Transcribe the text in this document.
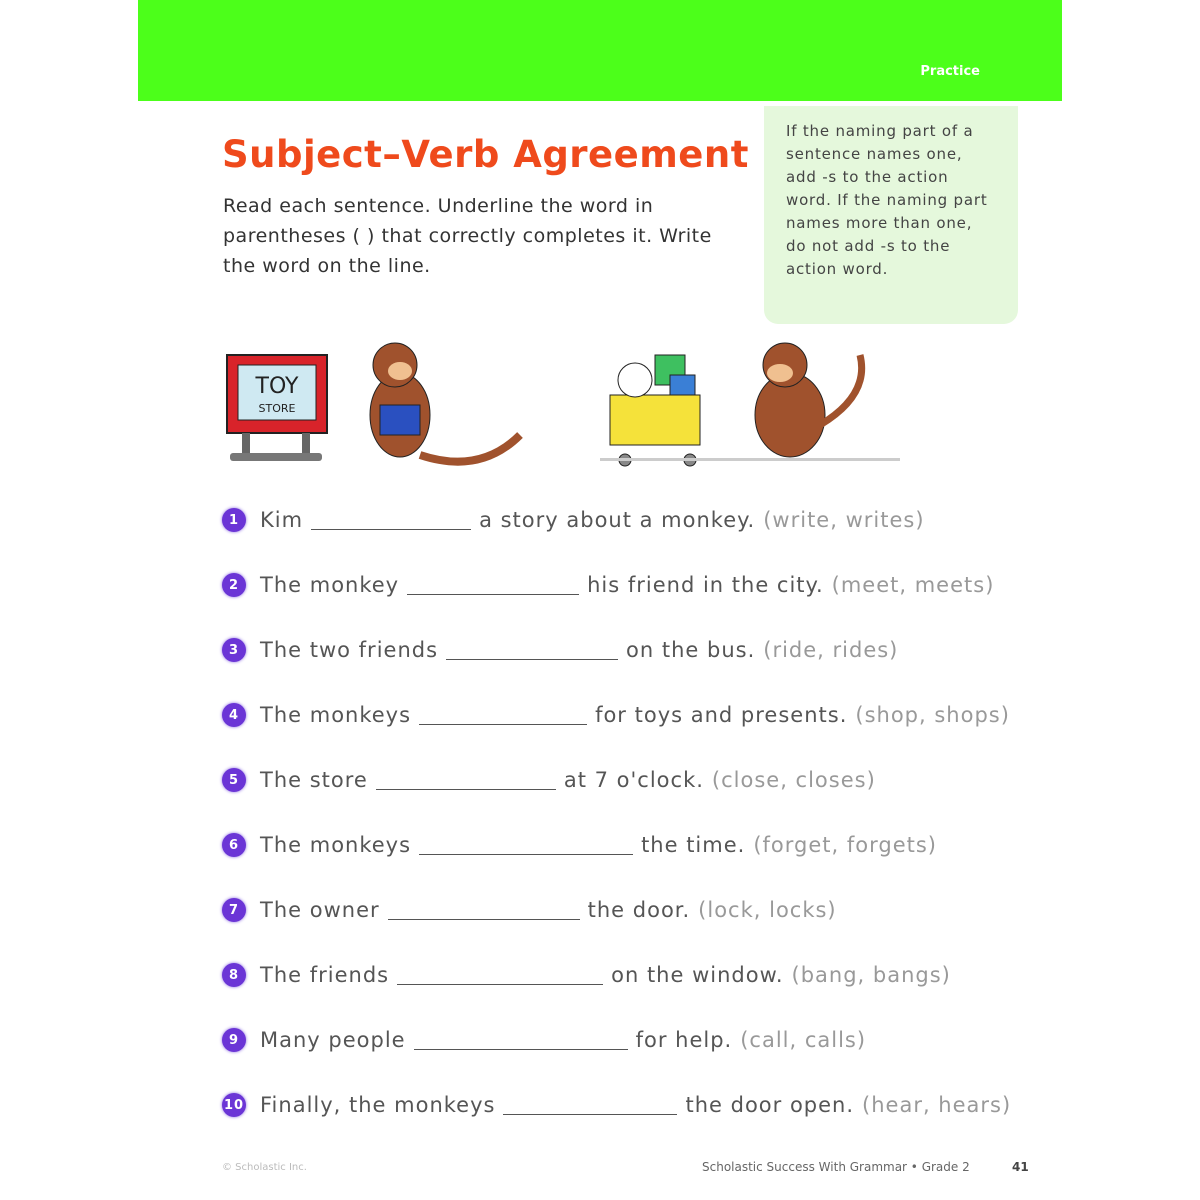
Practice
Subject–Verb Agreement
Read each sentence. Underline the word in parentheses ( ) that correctly completes it. Write the word on the line.
If the naming part of a sentence names one, add -s to the action word. If the naming part names more than one, do not add -s to the action word.
TOY
STORE
1 Kim	a story about a monkey. (write, writes)
2 The monkey	his friend in the city. (meet, meets)
3 The two friends	on the bus. (ride, rides)
4 The monkeys	for toys and presents. (shop, shops)
5 The store	at 7 o'clock. (close, closes)
6 The monkeys	the time. (forget, forgets)
7 The owner	the door. (lock, locks)
8 The friends	on the window. (bang, bangs)
9 Many people	for help. (call, calls)
10 Finally, the monkeys	the door open. (hear, hears)
© Scholastic Inc.	Scholastic Success With Grammar • Grade 2	41
